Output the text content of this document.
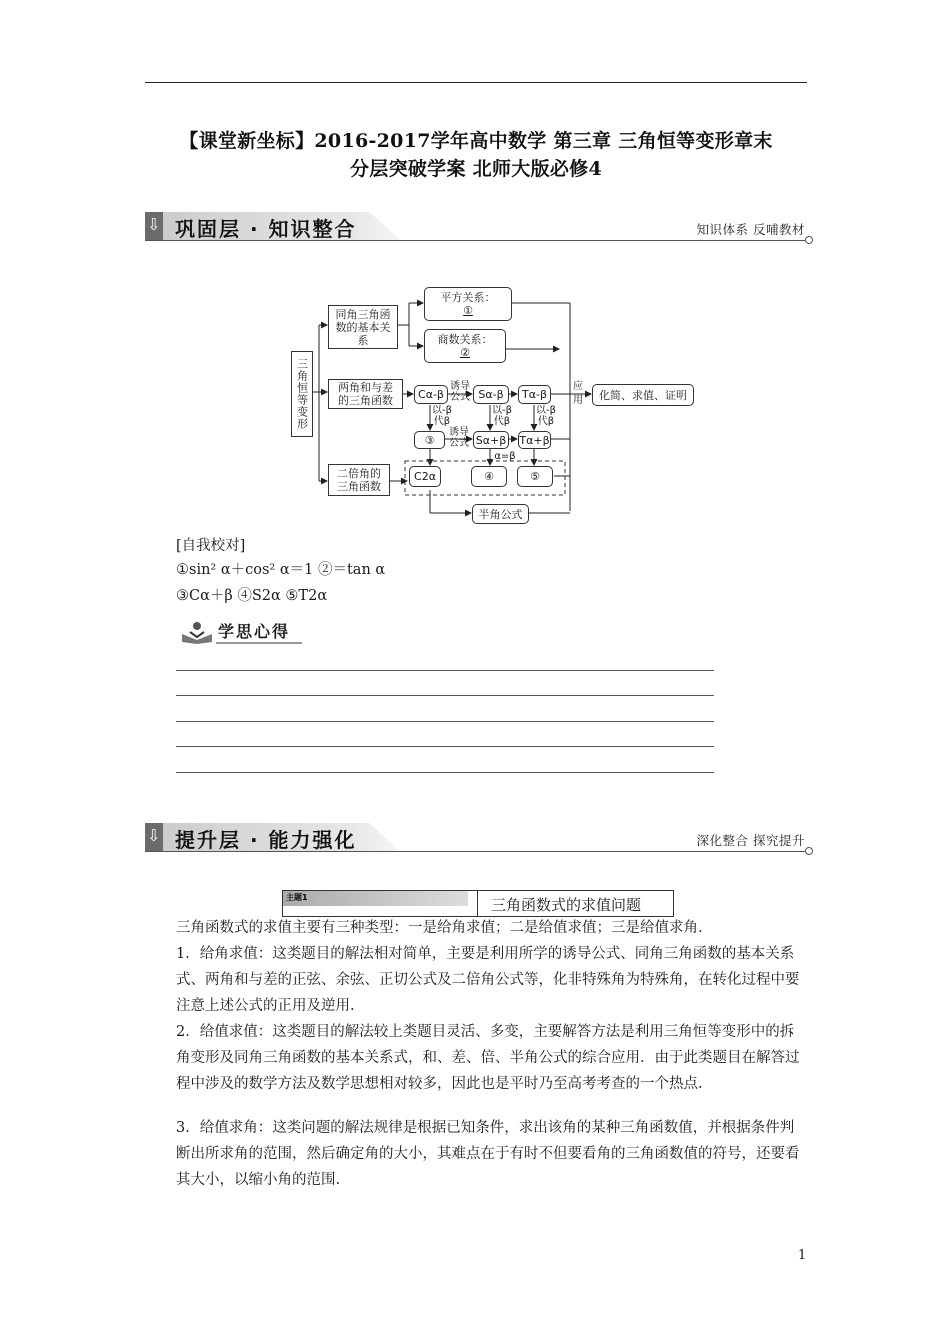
【课堂新坐标】2016-2017学年高中数学 第三章 三角恒等变形章末
分层突破学案 北师大版必修4
⇩ 巩固层 · 知识整合	知识体系 反哺教材
三角恒等变形
同角三角函数的基本关系
两角和与差的三角函数
二倍角的三角函数
平方关系：
①
商数关系：
②
Cα-β	Sα-β	Tα-β
③	Sα+β Tα+β
C2α	④	⑤
半角公式
化简、求值、证明
诱导公式
诱导公式
以-β代β
以-β代β
以-β代β
α=β
应用
[自我校对]
①sin² α＋cos² α＝1 ②＝tan α
③Cα＋β ④S2α ⑤T2α
学思心得
⇩ 提升层 · 能力强化	深化整合 探究提升
主题1	三角函数式的求值问题
三角函数式的求值主要有三种类型：一是给角求值；二是给值求值；三是给值求角.
1．给角求值：这类题目的解法相对简单，主要是利用所学的诱导公式、同角三角函数的基本关系式、两角和与差的正弦、余弦、正切公式及二倍角公式等，化非特殊角为特殊角，在转化过程中要注意上述公式的正用及逆用.
2．给值求值：这类题目的解法较上类题目灵活、多变，主要解答方法是利用三角恒等变形中的拆角变形及同角三角函数的基本关系式，和、差、倍、半角公式的综合应用．由于此类题目在解答过程中涉及的数学方法及数学思想相对较多，因此也是平时乃至高考考查的一个热点.
3．给值求角：这类问题的解法规律是根据已知条件，求出该角的某种三角函数值，并根据条件判断出所求角的范围，然后确定角的大小，其难点在于有时不但要看角的三角函数值的符号，还要看其大小，以缩小角的范围.
1
